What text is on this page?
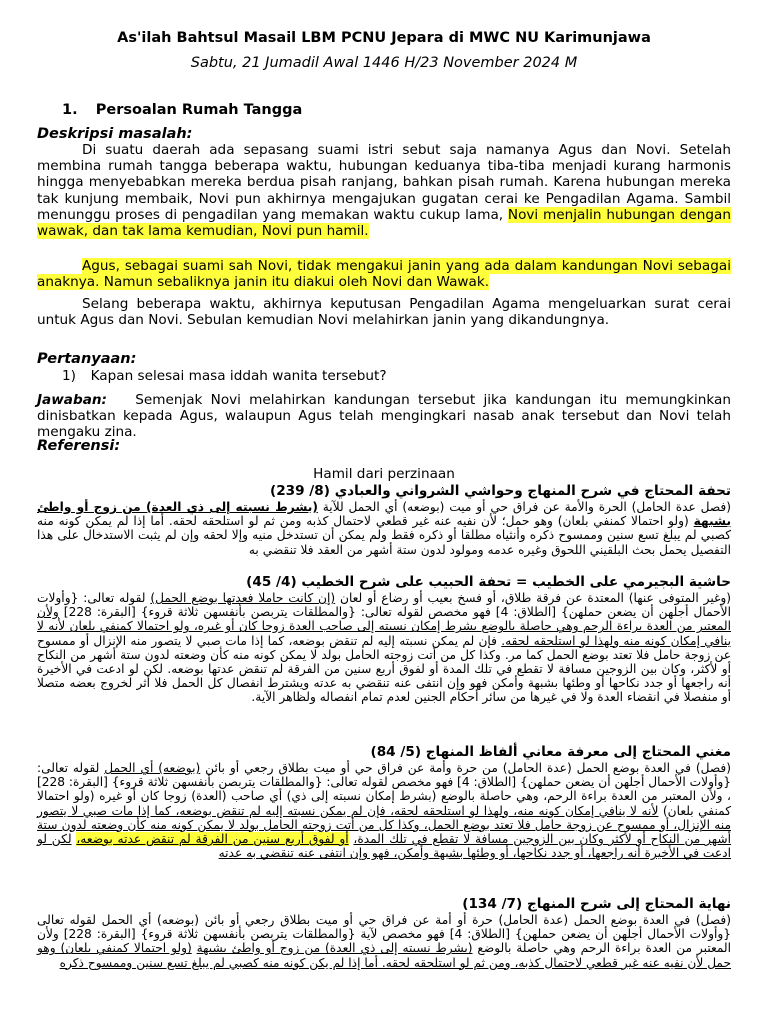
As'ilah Bahtsul Masail LBM PCNU Jepara di MWC NU Karimunjawa
Sabtu, 21 Jumadil Awal 1446 H/23 November 2024 M
1. Persoalan Rumah Tangga
Deskripsi masalah:
Di suatu daerah ada sepasang suami istri sebut saja namanya Agus dan Novi. Setelah membina rumah tangga beberapa waktu, hubungan keduanya tiba-tiba menjadi kurang harmonis hingga menyebabkan mereka berdua pisah ranjang, bahkan pisah rumah. Karena hubungan mereka tak kunjung membaik, Novi pun akhirnya mengajukan gugatan cerai ke Pengadilan Agama. Sambil menunggu proses di pengadilan yang memakan waktu cukup lama, Novi menjalin hubungan dengan wawak, dan tak lama kemudian, Novi pun hamil.
Agus, sebagai suami sah Novi, tidak mengakui janin yang ada dalam kandungan Novi sebagai anaknya. Namun sebaliknya janin itu diakui oleh Novi dan Wawak.
Selang beberapa waktu, akhirnya keputusan Pengadilan Agama mengeluarkan surat cerai untuk Agus dan Novi. Sebulan kemudian Novi melahirkan janin yang dikandungnya.
Pertanyaan:
1) Kapan selesai masa iddah wanita tersebut?
Jawaban: Semenjak Novi melahirkan kandungan tersebut jika kandungan itu memungkinkan dinisbatkan kepada Agus, walaupun Agus telah mengingkari nasab anak tersebut dan Novi telah mengaku zina.
Referensi:
Hamil dari perzinaan
تحفة المحتاج في شرح المنهاج وحواشي الشرواني والعبادي (8/ 239)
(فصل عدة الحامل) الحرة والأمة عن فراق حي أو ميت (بوضعه) أي الحمل للآية (بشرط نسبته إلى ذي العدة) من زوج أو واطئ بشبهة (ولو احتمالا كمنفي بلعان) وهو حمل؛ لأن نفيه عنه غير قطعي لاحتمال كذبه ومن ثم لو استلحقه لحقه. أما إذا لم يمكن كونه منه كصبي لم يبلغ تسع سنين وممسوح ذكره وأنثياه مطلقا أو ذكره فقط ولم يمكن أن تستدخل منيه وإلا لحقه وإن لم يثبت الاستدخال على هذا التفصيل يحمل بحث البلقيني اللحوق وغيره عدمه ومولود لدون ستة أشهر من العقد فلا تنقضي به
حاشية البجيرمي على الخطيب = تحفة الحبيب على شرح الخطيب (4/ 45)
(وغير المتوفى عنها) المعتدة عن فرقة طلاق، أو فسخ بعيب أو رضاع أو لعان (إن كانت حاملا فعدتها بوضع الحمل) لقوله تعالى: {وأولات الأحمال أجلهن أن يضعن حملهن} [الطلاق: 4] فهو مخصص لقوله تعالى: {والمطلقات يتربصن بأنفسهن ثلاثة قروء} [البقرة: 228] ولأن المعتبر من العدة براءة الرحم وهي حاصلة بالوضع بشرط إمكان نسبته إلى صاحب العدة زوجا كان أو غيره، ولو احتمالا كمنفي بلعان لأنه لا ينافي إمكان كونه منه ولهذا لو استلحقه لحقه. فإن لم يمكن نسبته إليه لم تنقض بوضعه، كما إذا مات صبي لا يتصور منه الإنزال أو ممسوح عن زوجة حامل فلا تعتد بوضع الحمل كما مر. وكذا كل من أتت زوجته الحامل بولد لا يمكن كونه منه كأن وضعته لدون ستة أشهر من النكاح أو لأكثر، وكان بين الزوجين مسافة لا تقطع في تلك المدة أو لفوق أربع سنين من الفرقة لم تنقض عدتها بوضعه. لكن لو ادعت في الأخيرة أنه راجعها أو جدد نكاحها أو وطئها بشبهة وأمكن فهو وإن انتفى عنه تنقضي به عدته ويشترط انفصال كل الحمل فلا أثر لخروج بعضه متصلا أو منفصلا في انقضاء العدة ولا في غيرها من سائر أحكام الجنين لعدم تمام انفصاله ولظاهر الآية.
مغني المحتاج إلى معرفة معاني ألفاظ المنهاج (5/ 84)
(فصل) في العدة بوضع الحمل (عدة الحامل) من حرة وأمة عن فراق حي أو ميت بطلاق رجعي أو بائن (بوضعه) أي الحمل لقوله تعالى: {وأولات الأحمال أجلهن أن يضعن حملهن} [الطلاق: 4] فهو مخصص لقوله تعالى: {والمطلقات يتربصن بأنفسهن ثلاثة قروء} [البقرة: 228] ، ولأن المعتبر من العدة براءة الرحم، وهي حاصلة بالوضع (بشرط إمكان نسبته إلى ذي) أي صاحب (العدة) زوجا كان أو غيره (ولو احتمالا كمنفي بلعان) لأنه لا ينافي إمكان كونه منه، ولهذا لو استلحقه لحقه، فإن لم يمكن نسبته إليه لم تنقض بوضعه، كما إذا مات صبي لا يتصور منه الإنزال، أو ممسوح عن زوجة حامل فلا تعتد بوضع الحمل، وكذا كل من أتت زوجته الحامل بولد لا يمكن كونه منه كأن وضعته لدون ستة أشهر من النكاح أو لأكثر وكان بين الزوجين مسافة لا تقطع في تلك المدة، أو لفوق أربع سنين من الفرقة لم تنقض عدته بوضعه، لكن لو ادعت في الأخيرة أنه راجعها، أو جدد نكاحها، أو وطئها بشبهة وأمكن، فهو وإن انتفى عنه تنقضي به عدته
نهاية المحتاج إلى شرح المنهاج (7/ 134)
(فصل) في العدة بوضع الحمل (عدة الحامل) حرة أو أمة عن فراق حي أو ميت بطلاق رجعي أو بائن (بوضعه) أي الحمل لقوله تعالى {وأولات الأحمال أجلهن أن يضعن حملهن} [الطلاق: 4] فهو مخصص لآية {والمطلقات يتربصن بأنفسهن ثلاثة قروء} [البقرة: 228] ولأن المعتبر من العدة براءة الرحم وهي حاصلة بالوضع (بشرط نسبته إلى ذي العدة) من زوج أو واطئ بشبهة (ولو احتمالا كمنفي بلعان) وهو حمل لأن نفيه عنه غير قطعي لاحتمال كذبه، ومن ثم لو استلحقه لحقه. أما إذا لم يكن كونه منه كصبي لم يبلغ تسع سنين وممسوح ذكره
